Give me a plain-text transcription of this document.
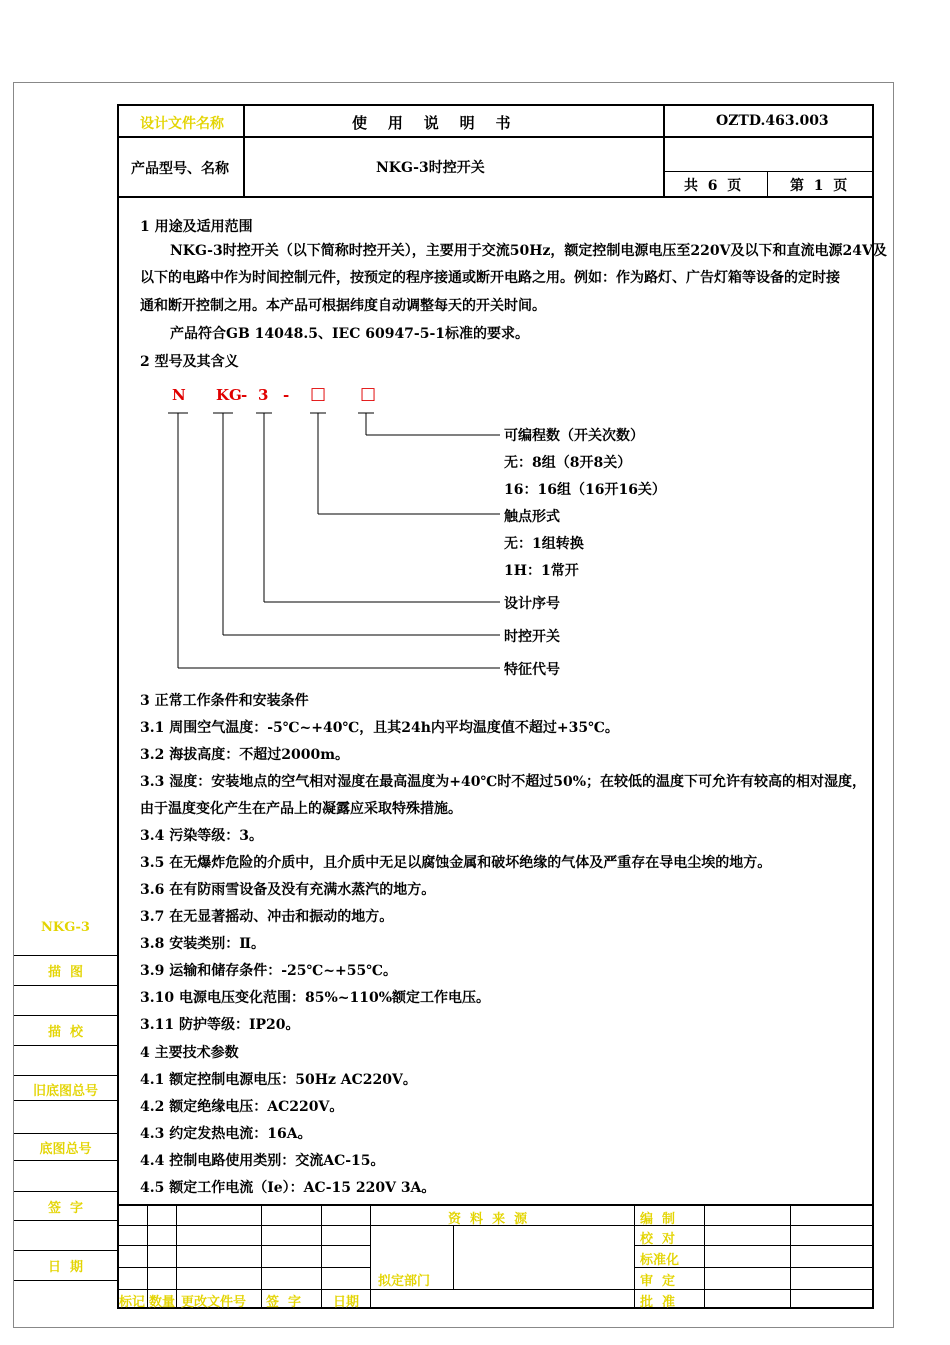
设计文件名称	使    用    说    明    书	OZTD.463.003
产品型号、名称	NKG-3时控开关
共  6  页	第  1  页
1 用途及适用范围
NKG-3时控开关（以下简称时控开关），主要用于交流50Hz，额定控制电源电压至220V及以下和直流电源24V及
以下的电路中作为时间控制元件，按预定的程序接通或断开电路之用。例如：作为路灯、广告灯箱等设备的定时接
通和断开控制之用。本产品可根据纬度自动调整每天的开关时间。
产品符合GB 14048.5、IEC 60947-5-1标准的要求。
2 型号及其含义
N KG - 3 - □ □
可编程数（开关次数）
无：8组（8开8关）
16：16组（16开16关）
触点形式
无：1组转换
1H：1常开
设计序号
时控开关
特征代号
3 正常工作条件和安装条件
3.1 周围空气温度：-5℃~+40℃，且其24h内平均温度值不超过+35℃。
3.2 海拔高度：不超过2000m。
3.3 湿度：安装地点的空气相对湿度在最高温度为+40℃时不超过50%；在较低的温度下可允许有较高的相对湿度，
由于温度变化产生在产品上的凝露应采取特殊措施。
3.4 污染等级：3。
3.5 在无爆炸危险的介质中，且介质中无足以腐蚀金属和破坏绝缘的气体及严重存在导电尘埃的地方。
3.6 在有防雨雪设备及没有充满水蒸汽的地方。
3.7 在无显著摇动、冲击和振动的地方。
3.8 安装类别：Ⅱ。
3.9 运输和储存条件：-25℃~+55℃。
3.10 电源电压变化范围：85%~110%额定工作电压。
3.11 防护等级：IP20。
4 主要技术参数
4.1 额定控制电源电压：50Hz AC220V。
4.2 额定绝缘电压：AC220V。
4.3 约定发热电流：16A。
4.4 控制电路使用类别：交流AC-15。
4.5 额定工作电流（Ie）：AC-15 220V 3A。
NKG-3
描  图
描  校
旧底图总号
底图总号
签  字
日  期
资  料  来  源	编  制
校  对
标准化
审  定
批  准
拟定部门
标记 数量 更改文件号 签  字 日期
